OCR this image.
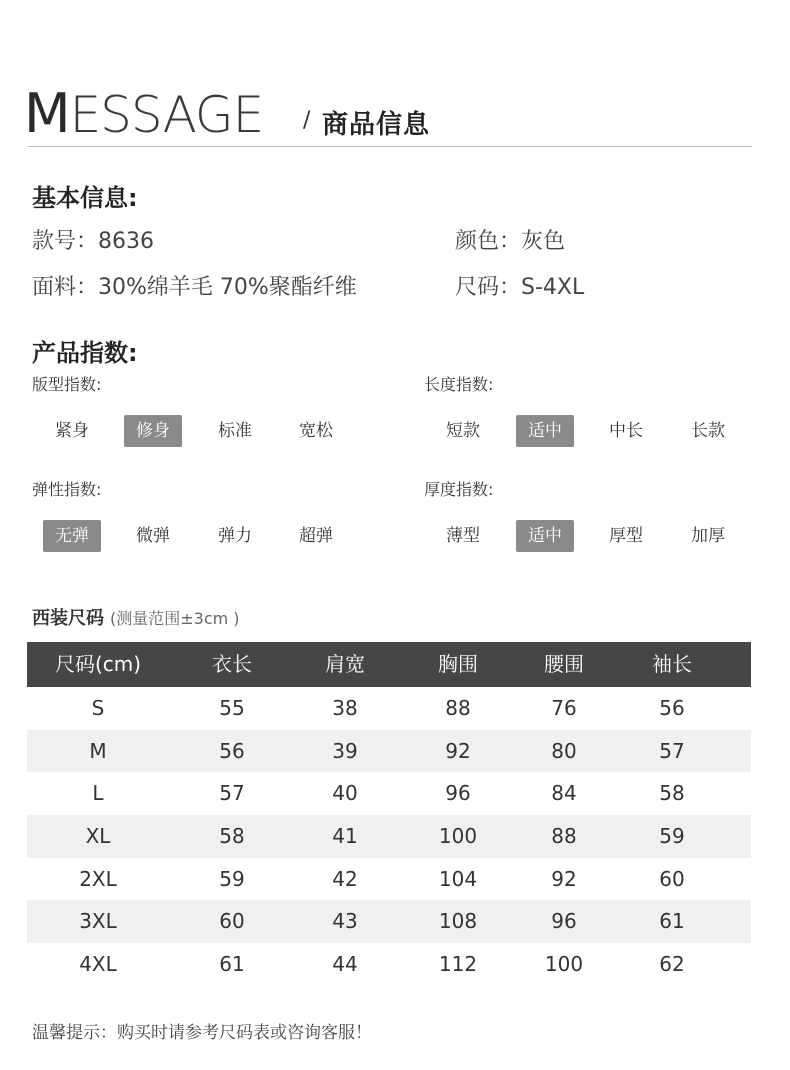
MESSAGE / 商品信息
基本信息:
款号：8636	颜色：灰色
面料：30%绵羊毛 70%聚酯纤维	尺码：S-4XL
产品指数:
版型指数:
紧身	修身	标准	宽松
长度指数:
短款	适中	中长	长款
弹性指数:
无弹	微弹	弹力	超弹
厚度指数:
薄型	适中	厚型	加厚
西装尺码 (测量范围±3cm )
尺码(cm)	衣长	肩宽	胸围	腰围	袖长
S	55	38	88	76	56
M	56	39	92	80	57
L	57	40	96	84	58
XL	58	41	100	88	59
2XL	59	42	104	92	60
3XL	60	43	108	96	61
4XL	61	44	112	100	62
温馨提示：购买时请参考尺码表或咨询客服！
